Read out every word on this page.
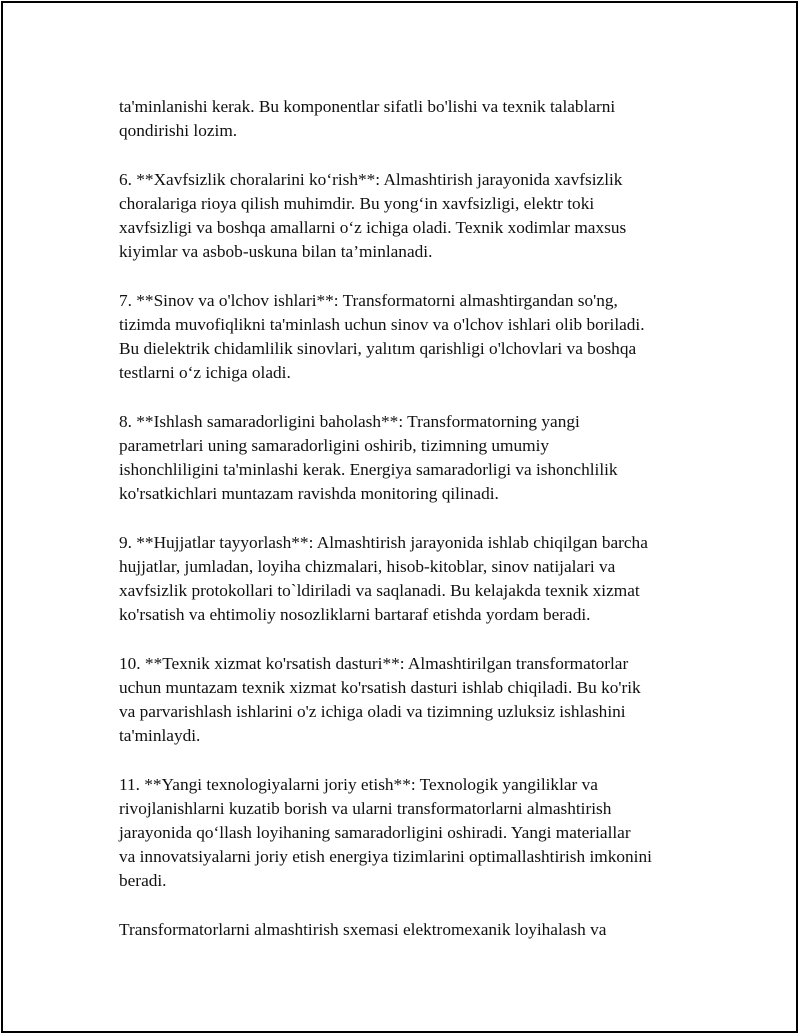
ta'minlanishi kerak. Bu komponentlar sifatli bo'lishi va texnik talablarni
qondirishi lozim.

6. **Xavfsizlik choralarini ko‘rish**: Almashtirish jarayonida xavfsizlik
choralariga rioya qilish muhimdir. Bu yong‘in xavfsizligi, elektr toki
xavfsizligi va boshqa amallarni o‘z ichiga oladi. Texnik xodimlar maxsus
kiyimlar va asbob-uskuna bilan ta’minlanadi.

7. **Sinov va o'lchov ishlari**: Transformatorni almashtirgandan so'ng,
tizimda muvofiqlikni ta'minlash uchun sinov va o'lchov ishlari olib boriladi.
Bu dielektrik chidamlilik sinovlari, yalıtım qarishligi o'lchovlari va boshqa
testlarni o‘z ichiga oladi.

8. **Ishlash samaradorligini baholash**: Transformatorning yangi
parametrlari uning samaradorligini oshirib, tizimning umumiy
ishonchliligini ta'minlashi kerak. Energiya samaradorligi va ishonchlilik
ko'rsatkichlari muntazam ravishda monitoring qilinadi.

9. **Hujjatlar tayyorlash**: Almashtirish jarayonida ishlab chiqilgan barcha
hujjatlar, jumladan, loyiha chizmalari, hisob-kitoblar, sinov natijalari va
xavfsizlik protokollari to`ldiriladi va saqlanadi. Bu kelajakda texnik xizmat
ko'rsatish va ehtimoliy nosozliklarni bartaraf etishda yordam beradi.

10. **Texnik xizmat ko'rsatish dasturi**: Almashtirilgan transformatorlar
uchun muntazam texnik xizmat ko'rsatish dasturi ishlab chiqiladi. Bu ko'rik
va parvarishlash ishlarini o'z ichiga oladi va tizimning uzluksiz ishlashini
ta'minlaydi.

11. **Yangi texnologiyalarni joriy etish**: Texnologik yangiliklar va
rivojlanishlarni kuzatib borish va ularni transformatorlarni almashtirish
jarayonida qo‘llash loyihaning samaradorligini oshiradi. Yangi materiallar
va innovatsiyalarni joriy etish energiya tizimlarini optimallashtirish imkonini
beradi.

Transformatorlarni almashtirish sxemasi elektromexanik loyihalash va
